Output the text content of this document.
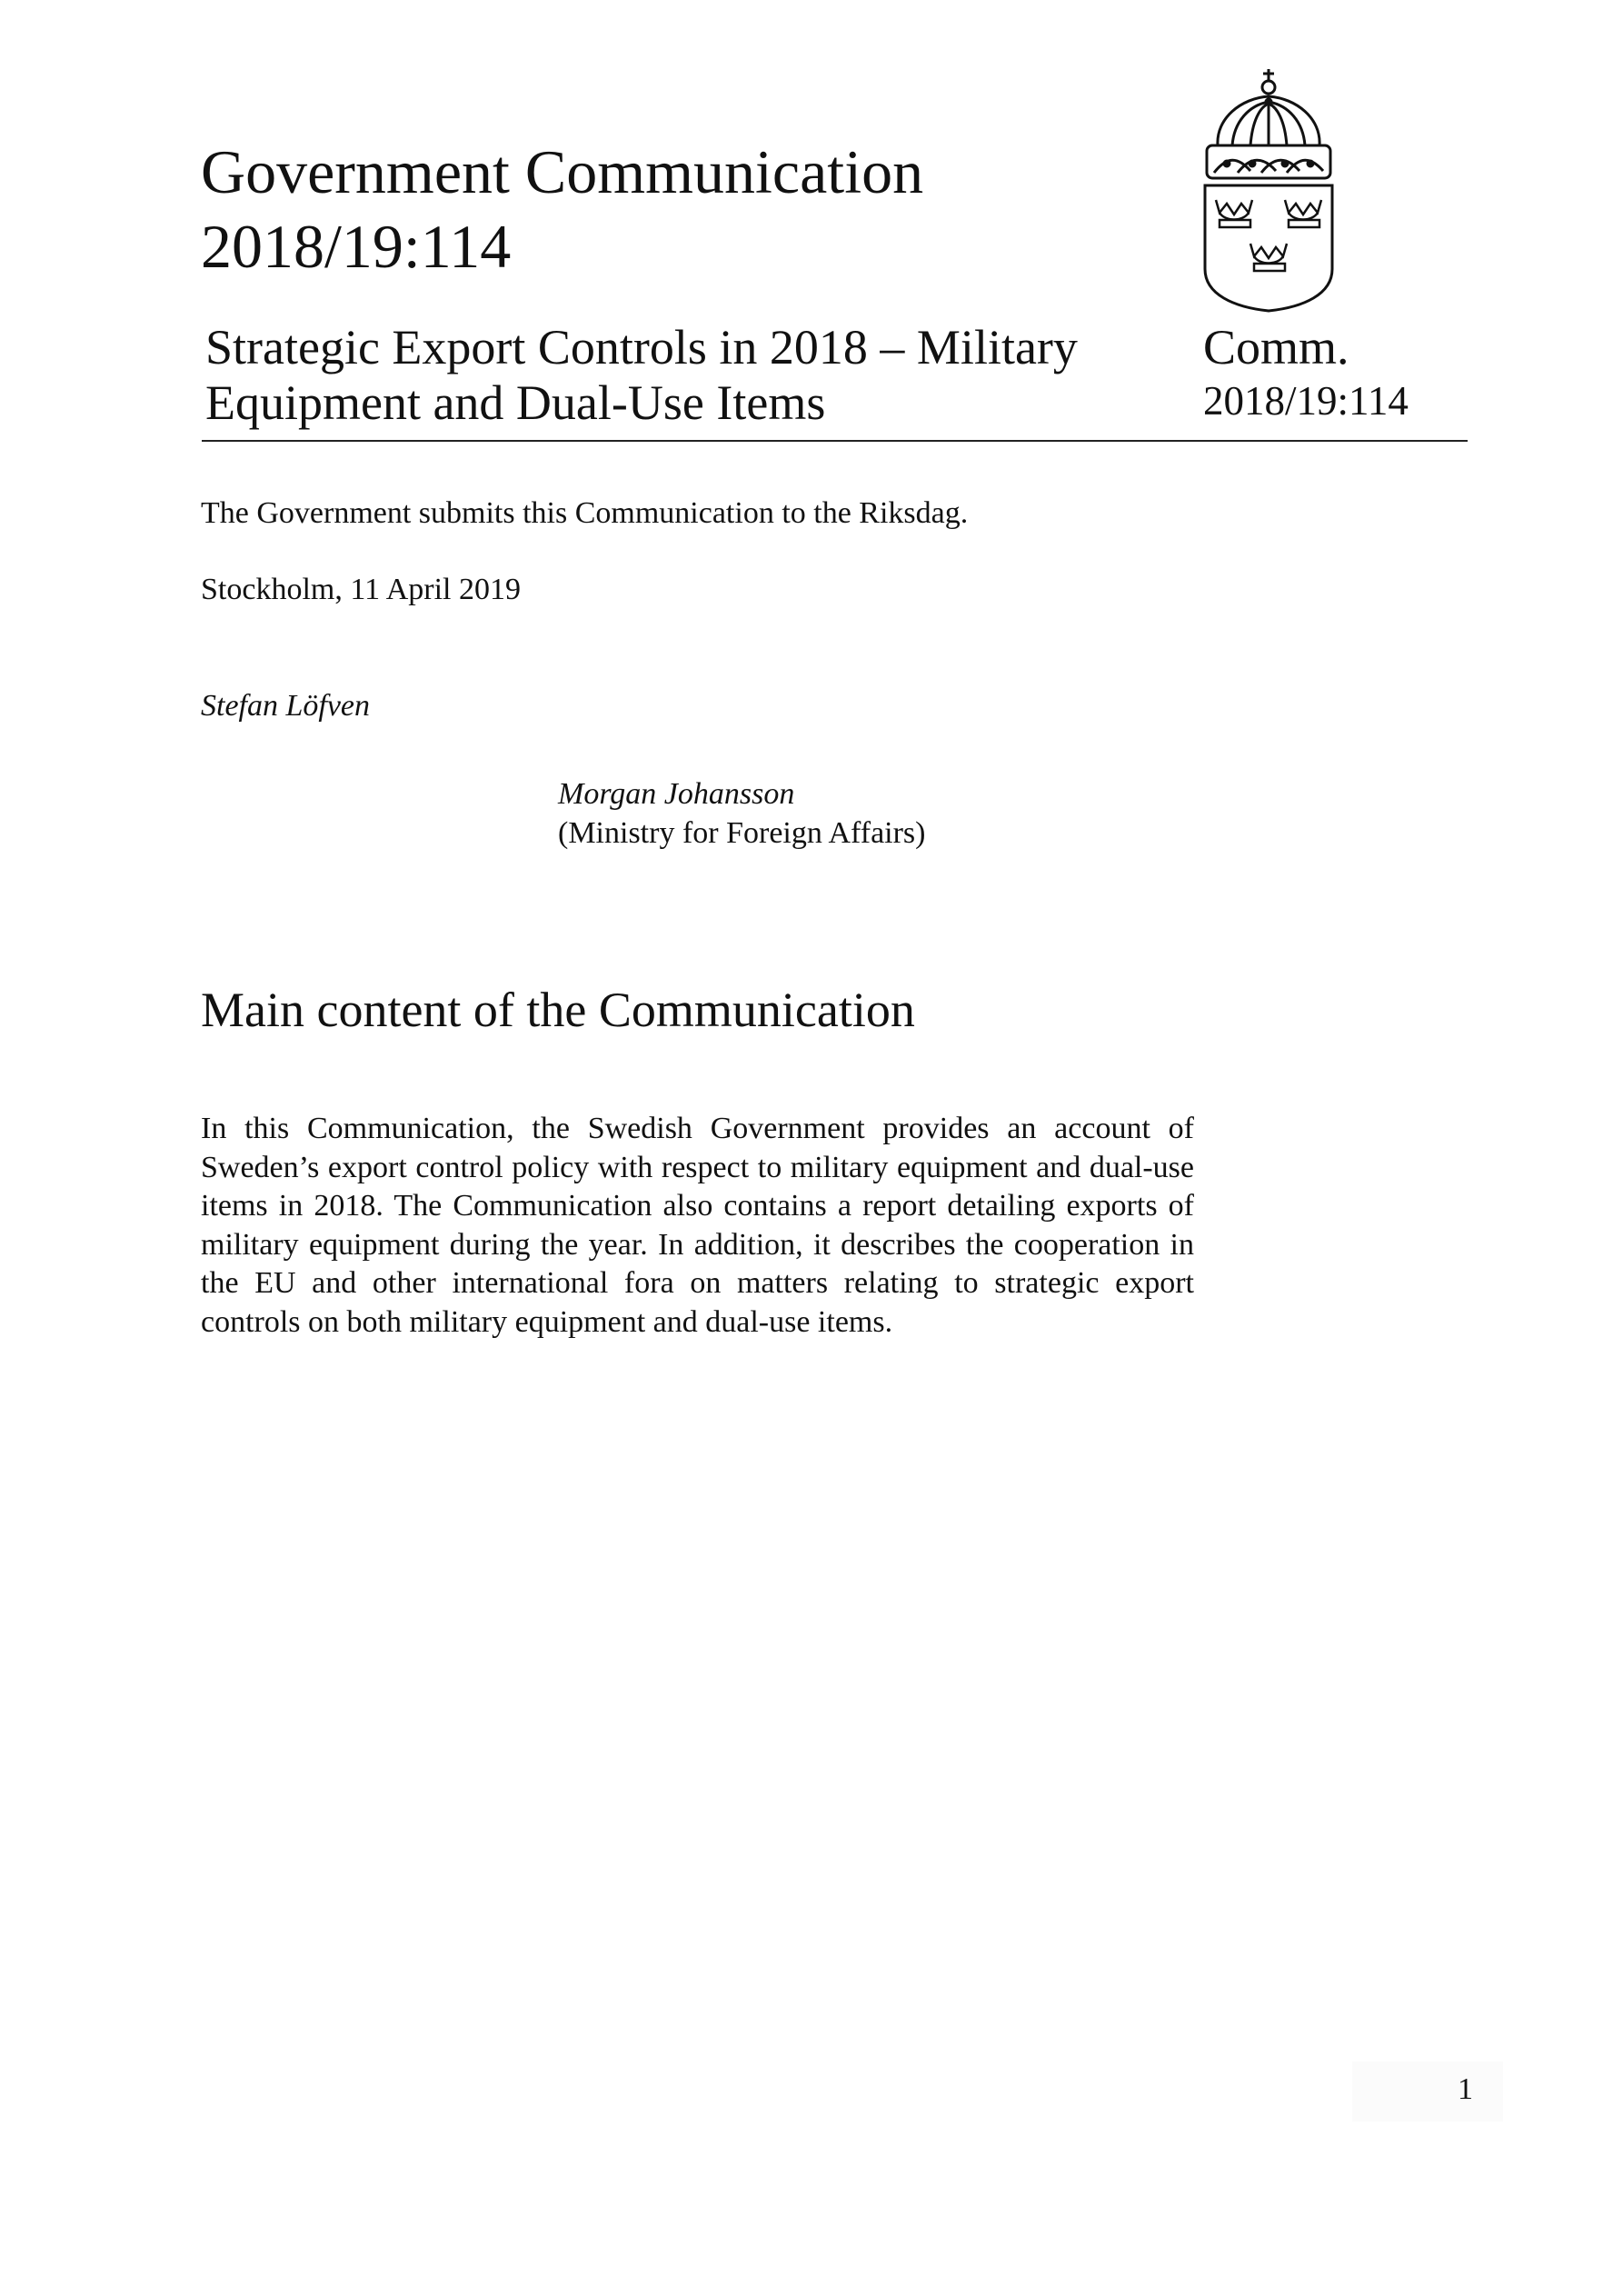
Government Communication
2018/19:114
Strategic Export Controls in 2018 – Military
Equipment and Dual-Use Items
Comm.
2018/19:114

The Government submits this Communication to the Riksdag.

Stockholm, 11 April 2019

Stefan Löfven

Morgan Johansson

(Ministry for Foreign Affairs)

Main content of the Communication

In this Communication, the Swedish Government provides an account of Sweden’s export control policy with respect to military equipment and dual-use items in 2018. The Communication also contains a report detailing exports of military equipment during the year. In addition, it describes the cooperation in the EU and other international fora on matters relating to strategic export controls on both military equipment and dual-use items.

1
